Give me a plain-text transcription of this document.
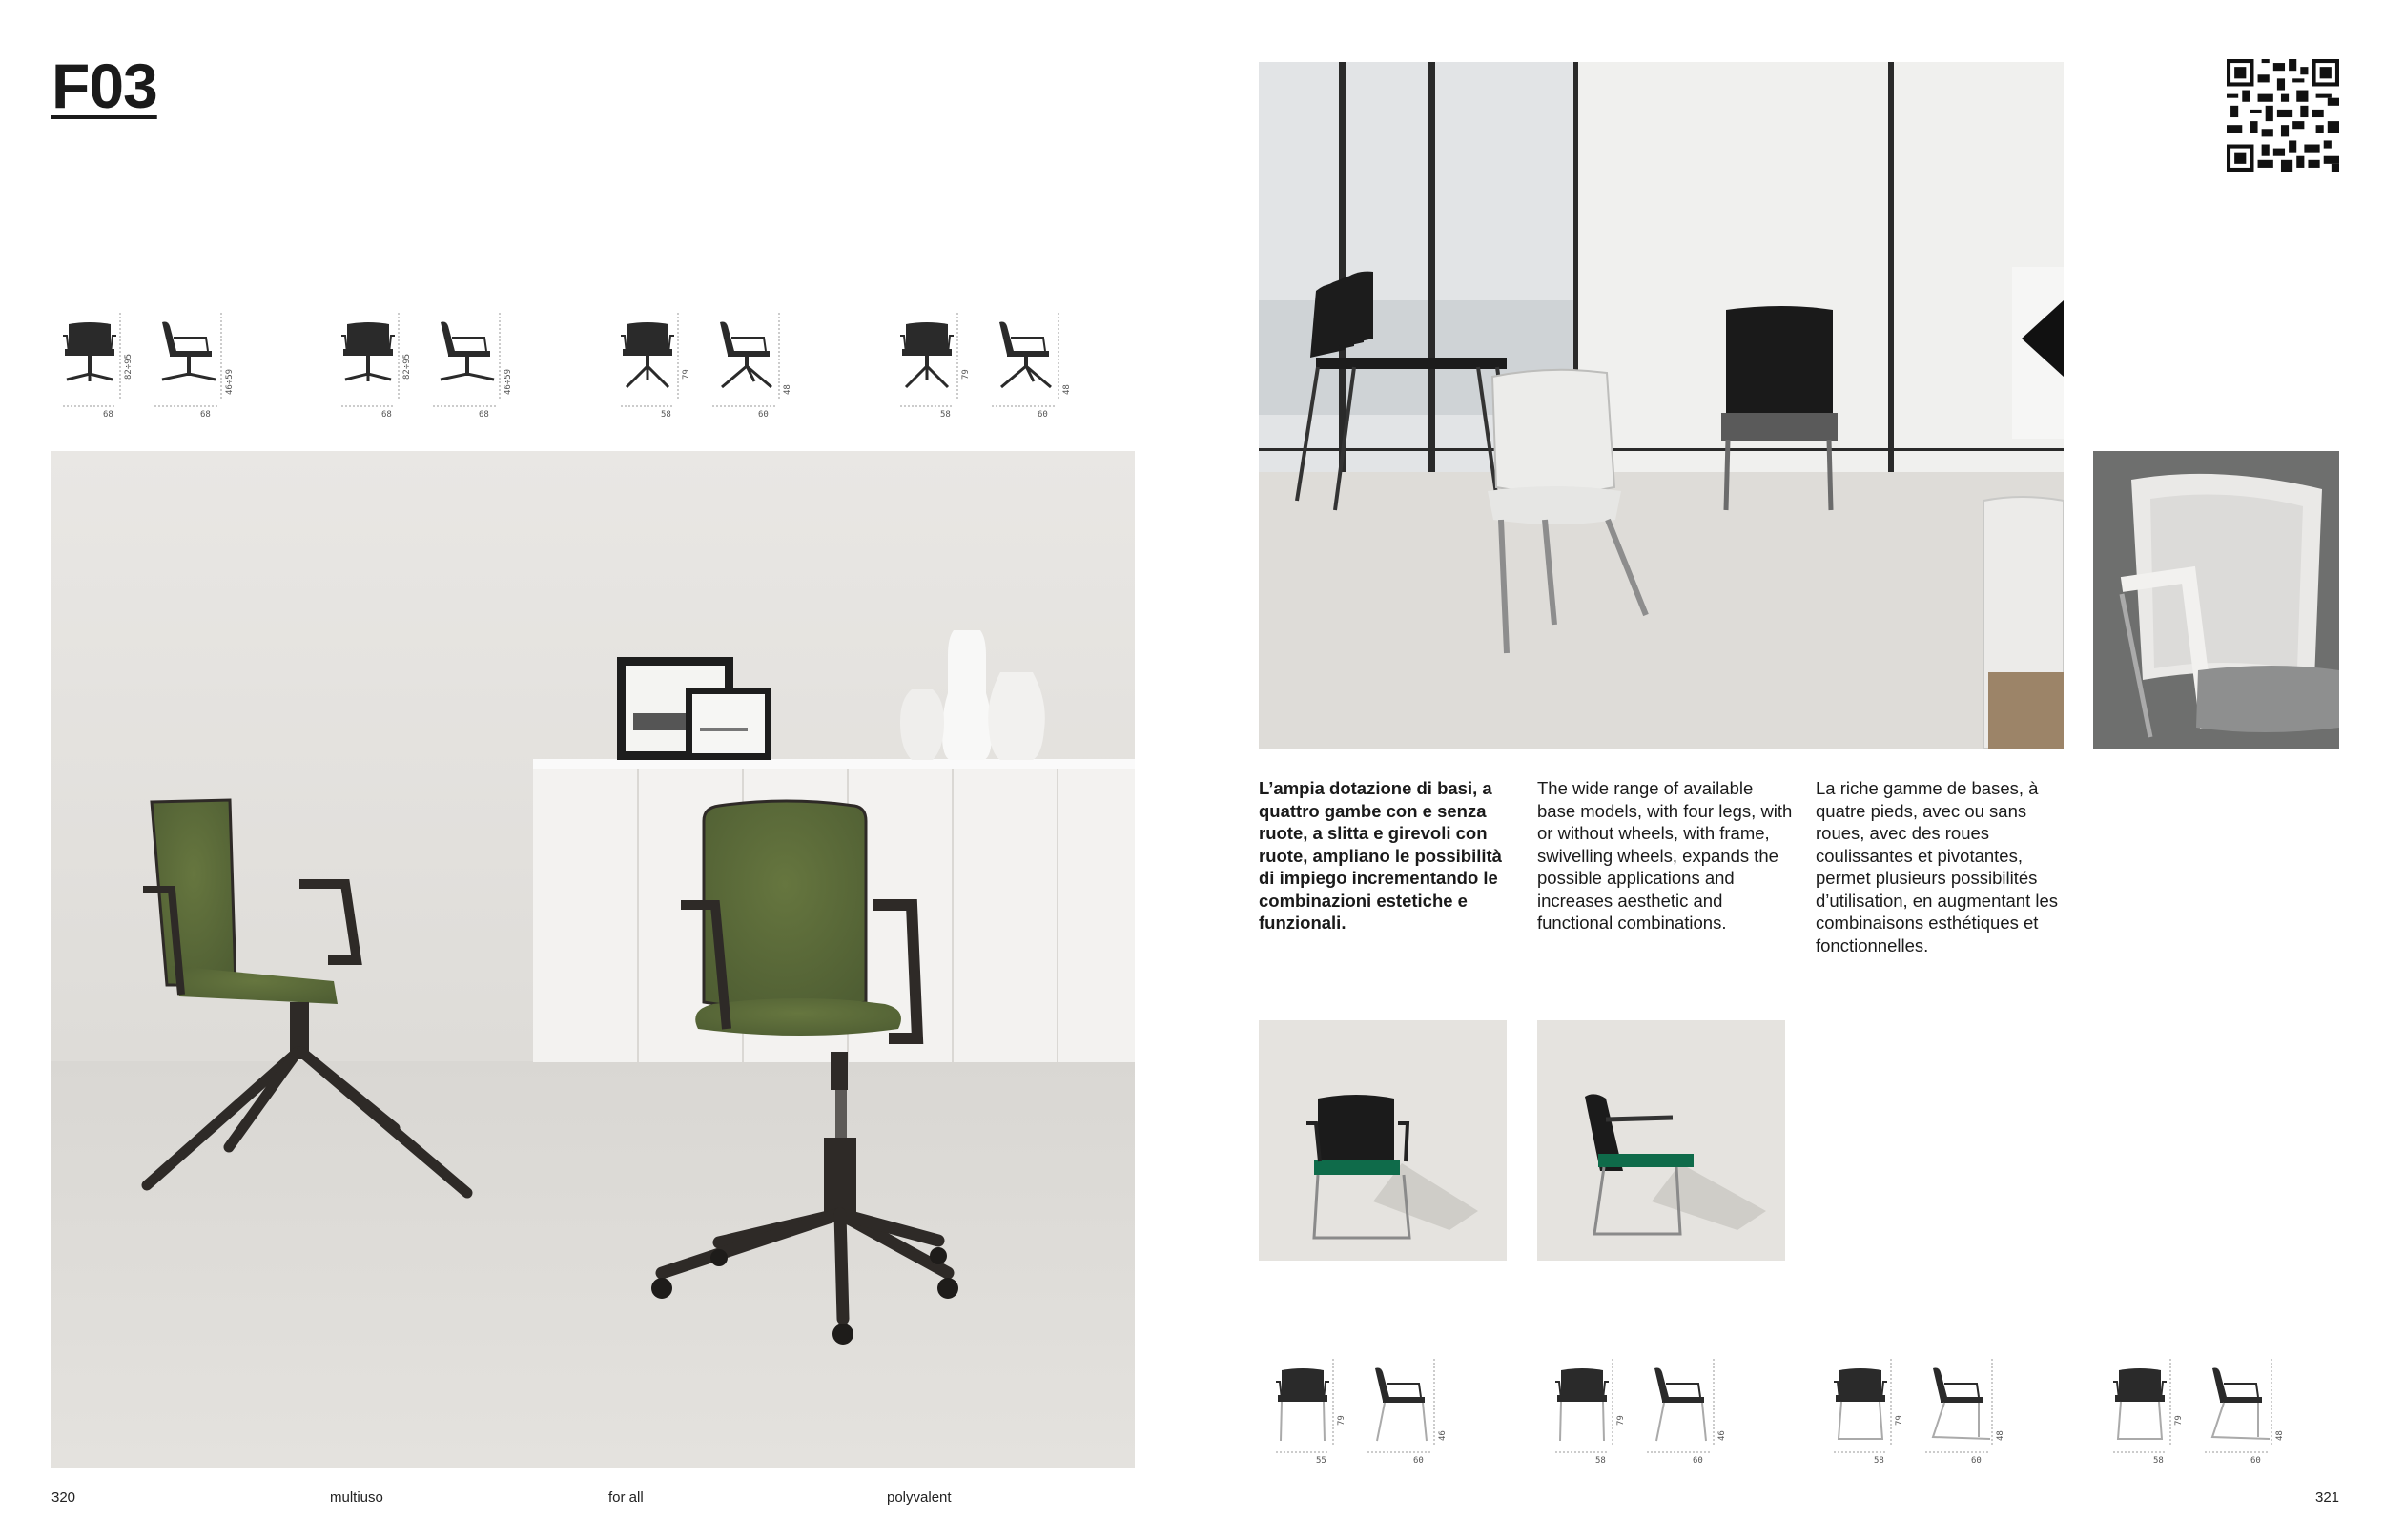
F03
68	68
82÷95
46÷59
68	68
82÷95
46÷59
58	60
79
48
58	60
79
48
L’ampia dotazione di basi, a quattro gambe con e senza ruote, a slitta e girevoli con ruote, ampliano le possibilità di impiego incrementando le combinazioni estetiche e funzionali.
The wide range of available base models, with four legs, with or without wheels, with frame, swivelling wheels, expands the possible applications and increases aesthetic and functional combinations.
La riche gamme de bases, à quatre pieds, avec ou sans roues, avec des roues coulissantes et pivotantes, permet plusieurs possibilités d’utilisation, en augmentant les combinaisons esthétiques et fonctionnelles.
55	60
79
46
58	60
79
46
58	60
79
48
58	60
79
48
320	multiuso	for all	polyvalent	321
